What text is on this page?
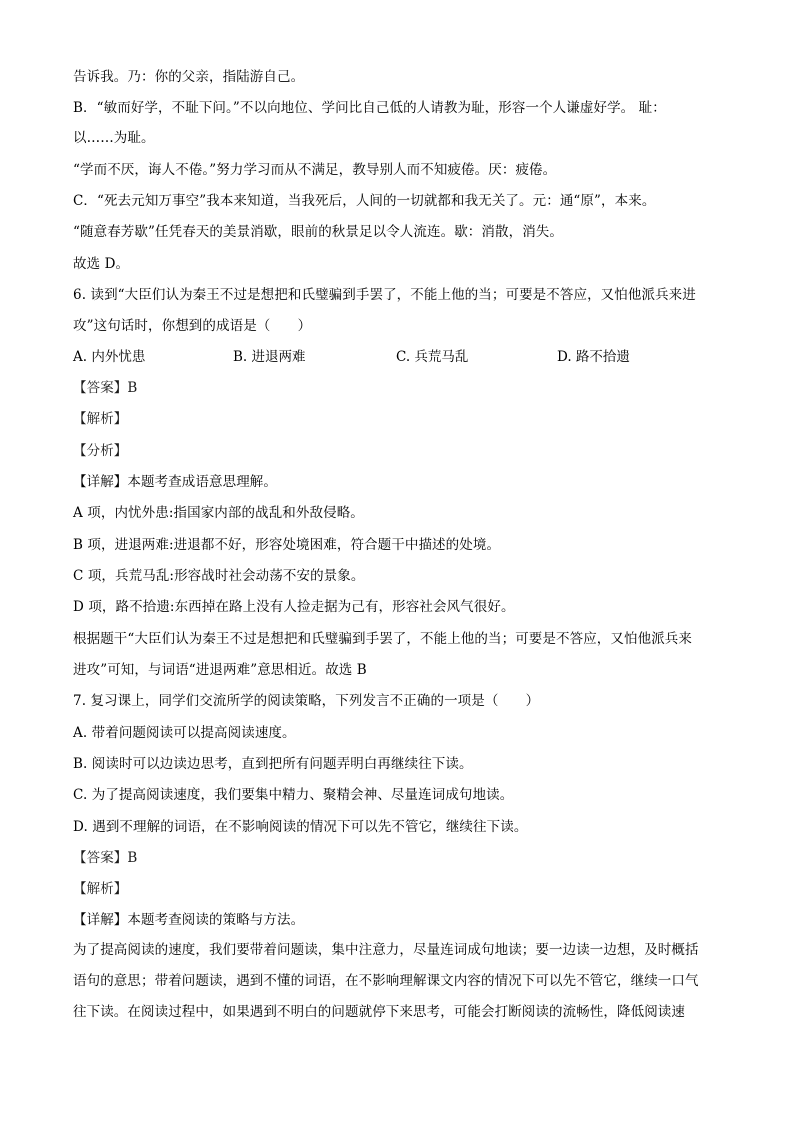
告诉我。乃：你的父亲，指陆游自己。
B．“敏而好学，不耻下问。”不以向地位、学问比自己低的人请教为耻，形容一个人谦虚好学。 耻：
以……为耻。
“学而不厌，诲人不倦。”努力学习而从不满足，教导别人而不知疲倦。厌：疲倦。
C．“死去元知万事空”我本来知道，当我死后，人间的一切就都和我无关了。元：通“原”，本来。
“随意春芳歇”任凭春天的美景消歇，眼前的秋景足以令人流连。歇：消散，消失。
故选 D。
6. 读到“大臣们认为秦王不过是想把和氏璧骗到手罢了，不能上他的当；可要是不答应，又怕他派兵来进
攻”这句话时，你想到的成语是（　　）
A. 内外忧患	B. 进退两难	C. 兵荒马乱	D. 路不拾遗
【答案】B
【解析】
【分析】
【详解】本题考查成语意思理解。
A 项，内忧外患:指国家内部的战乱和外敌侵略。
B 项，进退两难:进退都不好，形容处境困难，符合题干中描述的处境。
C 项，兵荒马乱:形容战时社会动荡不安的景象。
D 项，路不拾遗:东西掉在路上没有人捡走据为己有，形容社会风气很好。
根据题干“大臣们认为秦王不过是想把和氏璧骗到手罢了，不能上他的当；可要是不答应，又怕他派兵来
进攻”可知，与词语“进退两难”意思相近。故选 B
7. 复习课上，同学们交流所学的阅读策略，下列发言不正确的一项是（　　）
A. 带着问题阅读可以提高阅读速度。
B. 阅读时可以边读边思考，直到把所有问题弄明白再继续往下读。
C. 为了提高阅读速度，我们要集中精力、聚精会神、尽量连词成句地读。
D. 遇到不理解的词语，在不影响阅读的情况下可以先不管它，继续往下读。
【答案】B
【解析】
【详解】本题考查阅读的策略与方法。
为了提高阅读的速度，我们要带着问题读，集中注意力，尽量连词成句地读；要一边读一边想，及时概括
语句的意思；带着问题读，遇到不懂的词语，在不影响理解课文内容的情况下可以先不管它，继续一口气
往下读。在阅读过程中，如果遇到不明白的问题就停下来思考，可能会打断阅读的流畅性，降低阅读速
